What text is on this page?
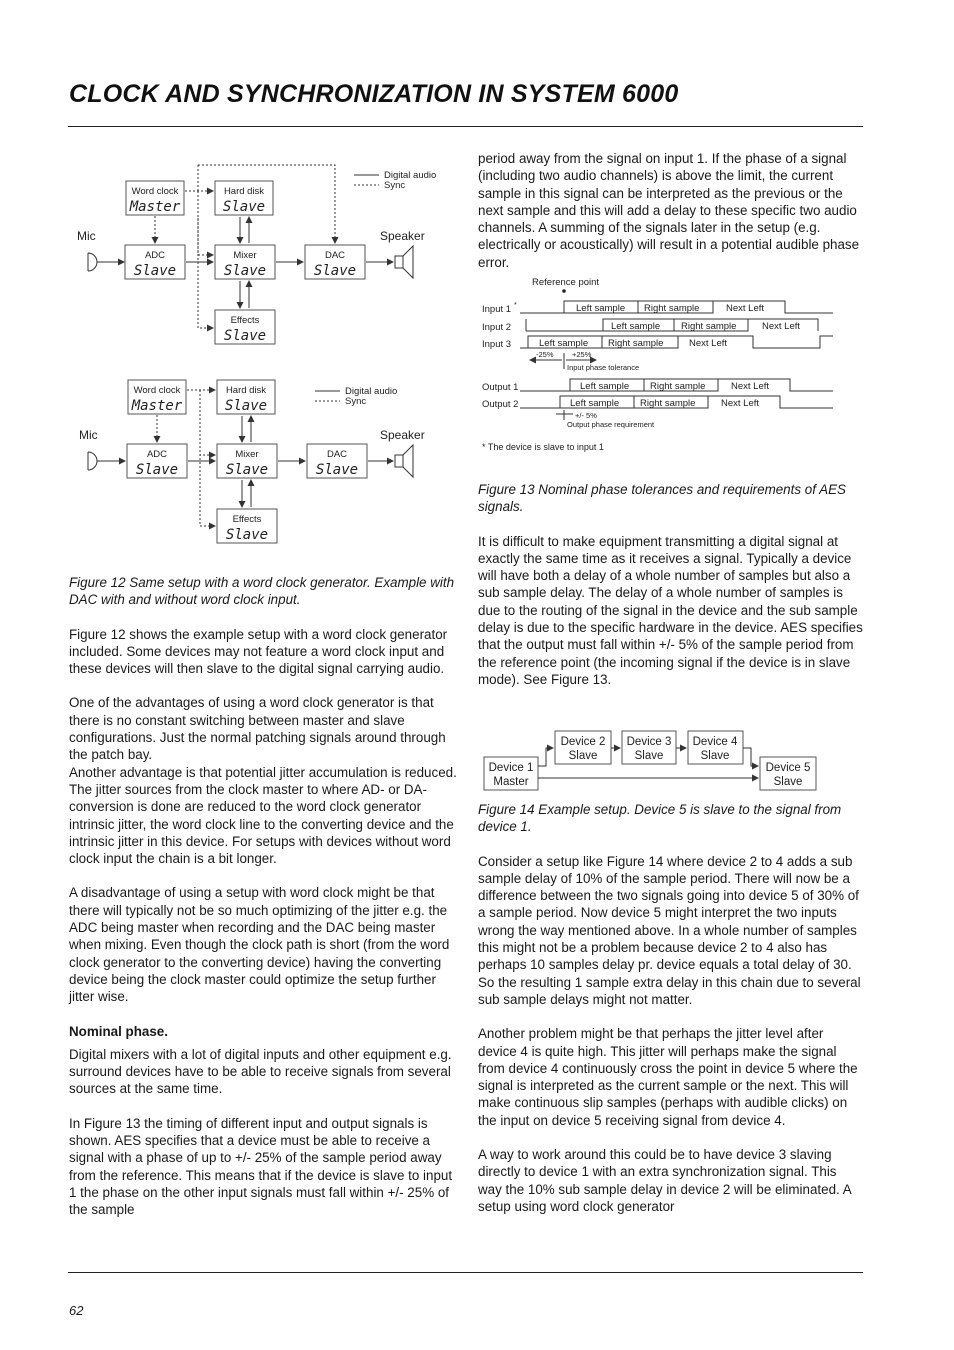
CLOCK AND SYNCHRONIZATION IN SYSTEM 6000
Digital audio
Sync
Word clock
Master
Hard disk
Slave
ADC
Slave
Mixer
Slave
DAC
Slave
Effects
Slave
Mic	Speaker
Digital audio
Sync
Word clock
Master
Hard disk
Slave
ADC
Slave
Mixer
Slave
DAC
Slave
Effects
Slave
Mic	Speaker

Figure 12 Same setup with a word clock generator. Example with DAC with and without word clock input.

Figure 12 shows the example setup with a word clock generator included. Some devices may not feature a word clock input and these devices will then slave to the digital signal carrying audio.

One of the advantages of using a word clock generator is that there is no constant switching between master and slave configurations. Just the normal patching signals around through the patch bay.

Another advantage is that potential jitter accumulation is reduced. The jitter sources from the clock master to where AD- or DA-conversion is done are reduced to the word clock generator intrinsic jitter, the word clock line to the converting device and the intrinsic jitter in this device. For setups with devices without word clock input the chain is a bit longer.

A disadvantage of using a setup with word clock might be that there will typically not be so much optimizing of the jitter e.g. the ADC being master when recording and the DAC being master when mixing. Even though the clock path is short (from the word clock generator to the converting device) having the converting device being the clock master could optimize the setup further jitter wise.

Nominal phase.

Digital mixers with a lot of digital inputs and other equipment e.g. surround devices have to be able to receive signals from several sources at the same time.

In Figure 13 the timing of different input and output signals is shown. AES specifies that a device must be able to receive a signal with a phase of up to +/- 25% of the sample period away from the reference. This means that if the device is slave to input 1 the phase on the other input signals must fall within +/- 25% of the sample

period away from the signal on input 1. If the phase of a signal (including two audio channels) is above the limit, the current sample in this signal can be interpreted as the previous or the next sample and this will add a delay to these specific two audio channels. A summing of the signals later in the setup (e.g. electrically or acoustically) will result in a potential audible phase error.

Reference point
Input 1 *	Left sample Right sample	Next Left
Input 2	Left sample Right sample	Next Left
Input 3	Left sample Right sample	Next Left
-25% +25%
Input phase tolerance
Output 1	Left sample Right sample	Next Left
Output 2	Left sample Right sample	Next Left
+/- 5%
Output phase requirement
* The device is slave to input 1

Figure 13 Nominal phase tolerances and requirements of AES signals.

It is difficult to make equipment transmitting a digital signal at exactly the same time as it receives a signal. Typically a device will have both a delay of a whole number of samples but also a sub sample delay. The delay of a whole number of samples is due to the routing of the signal in the device and the sub sample delay is due to the specific hardware in the device. AES specifies that the output must fall within +/- 5% of the sample period from the reference point (the incoming signal if the device is in slave mode). See Figure 13.

Device 1
Master
Device 2
Slave
Device 3
Slave
Device 4
Slave
Device 5
Slave

Figure 14 Example setup. Device 5 is slave to the signal from device 1.

Consider a setup like Figure 14 where device 2 to 4 adds a sub sample delay of 10% of the sample period. There will now be a difference between the two signals going into device 5 of 30% of a sample period. Now device 5 might interpret the two inputs wrong the way mentioned above. In a whole number of samples this might not be a problem because device 2 to 4 also has perhaps 10 samples delay pr. device equals a total delay of 30. So the resulting 1 sample extra delay in this chain due to several sub sample delays might not matter.

Another problem might be that perhaps the jitter level after device 4 is quite high. This jitter will perhaps make the signal from device 4 continuously cross the point in device 5 where the signal is interpreted as the current sample or the next. This will make continuous slip samples (perhaps with audible clicks) on the input on device 5 receiving signal from device 4.

A way to work around this could be to have device 3 slaving directly to device 1 with an extra synchronization signal. This way the 10% sub sample delay in device 2 will be eliminated. A setup using word clock generator

62
